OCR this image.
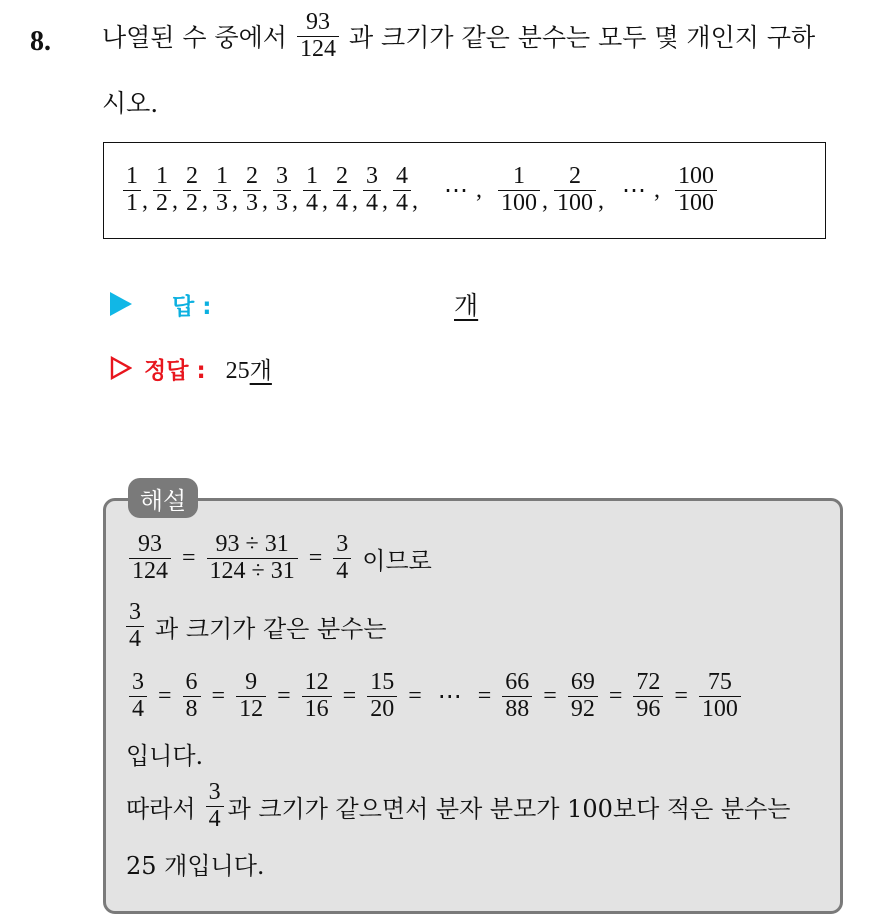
8. 나열된 수 중에서 $\frac{93}{124}$ 과 크기가 같은 분수는 모두 몇 개인지 구하
시오.
$\frac{1}{1}$ , $\frac{1}{2}$ , $\frac{2}{2}$ , $\frac{1}{3}$ , $\frac{2}{3}$ , $\frac{3}{3}$ , $\frac{1}{4}$ , $\frac{2}{4}$ , $\frac{3}{4}$ , $\frac{4}{4}$ , ⋯ , $\frac{1}{100}$ , $\frac{2}{100}$ , ⋯ , $\frac{100}{100}$
답 :	개
정답 : 25개
해설
$\frac{93}{124} = \frac{93 \div 31}{124 \div 31} = \frac{3}{4}$ 이므로
$\frac{3}{4}$ 과 크기가 같은 분수는
$\frac{3}{4} = \frac{6}{8} = \frac{9}{12} = \frac{12}{16} = \frac{15}{20}$ = ⋯ = $\frac{66}{88} = \frac{69}{92} = \frac{72}{96} = \frac{75}{100}$
입니다.
따라서 $\frac{3}{4}$ 과 크기가 같으면서 분자 분모가 100보다 적은 분수는
25 개입니다.
